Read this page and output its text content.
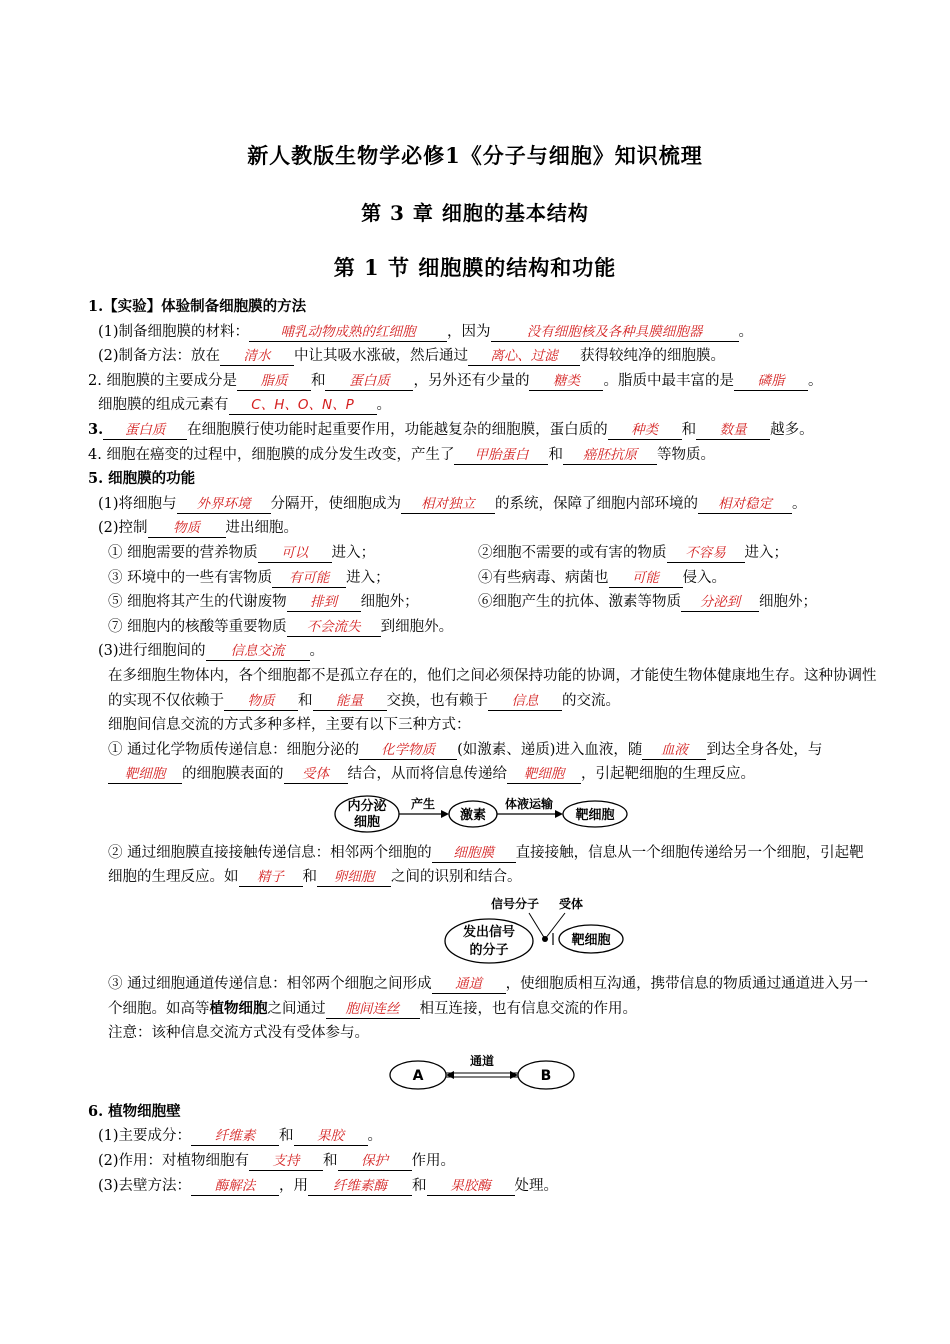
新人教版生物学必修1《分子与细胞》知识梳理
第 3 章 细胞的基本结构
第 1 节 细胞膜的结构和功能
1.【实验】体验制备细胞膜的方法
(1)制备细胞膜的材料： 哺乳动物成熟的红细胞 ，因为	没有细胞核及各种具膜细胞器	。
(2)制备方法：放在 清水 中让其吸水涨破，然后通过 离心、过滤 获得较纯净的细胞膜。
2. 细胞膜的主要成分是 脂质 和 蛋白质 ，另外还有少量的 糖类 。脂质中最丰富的是 磷脂 。
细胞膜的组成元素有 C、H、O、N、P 。
3. 蛋白质 在细胞膜行使功能时起重要作用，功能越复杂的细胞膜，蛋白质的 种类 和 数量 越多。
4. 细胞在癌变的过程中，细胞膜的成分发生改变，产生了 甲胎蛋白 和 癌胚抗原 等物质。
5. 细胞膜的功能
(1)将细胞与 外界环境 分隔开，使细胞成为 相对独立 的系统，保障了细胞内部环境的 相对稳定 。
(2)控制 物质 进出细胞。
① 细胞需要的营养物质 可以 进入；	②细胞不需要的或有害的物质 不容易 进入；
③ 环境中的一些有害物质 有可能 进入；	④有些病毒、病菌也 可能 侵入。
⑤ 细胞将其产生的代谢废物 排到 细胞外；	⑥细胞产生的抗体、激素等物质 分泌到 细胞外；
⑦ 细胞内的核酸等重要物质 不会流失 到细胞外。
(3)进行细胞间的 信息交流 。
在多细胞生物体内，各个细胞都不是孤立存在的，他们之间必须保持功能的协调，才能使生物体健康地生存。这种协调性的实现不仅依赖于 物质 和 能量 交换，也有赖于 信息 的交流。
细胞间信息交流的方式多种多样，主要有以下三种方式：
① 通过化学物质传递信息：细胞分泌的 化学物质 (如激素、递质)进入血液，随 血液 到达全身各处，与靶细胞 的细胞膜表面的 受体 结合，从而将信息传递给 靶细胞 ，引起靶细胞的生理反应。
内分泌
细胞
产生
激素
体液运输
靶细胞
② 通过细胞膜直接接触传递信息：相邻两个细胞的 细胞膜 直接接触，信息从一个细胞传递给另一个细胞，引起靶细胞的生理反应。如 精子 和 卵细胞 之间的识别和结合。
信号分子 受体
发出信号
的分子
靶细胞
③ 通过细胞通道传递信息：相邻两个细胞之间形成 通道 ，使细胞质相互沟通，携带信息的物质通过通道进入另一个细胞。如高等植物细胞之间通过 胞间连丝 相互连接，也有信息交流的作用。
注意：该种信息交流方式没有受体参与。
A	B
通道
6. 植物细胞壁
(1)主要成分： 纤维素 和 果胶 。
(2)作用：对植物细胞有 支持 和 保护 作用。
(3)去壁方法： 酶解法 ，用 纤维素酶 和 果胶酶 处理。
